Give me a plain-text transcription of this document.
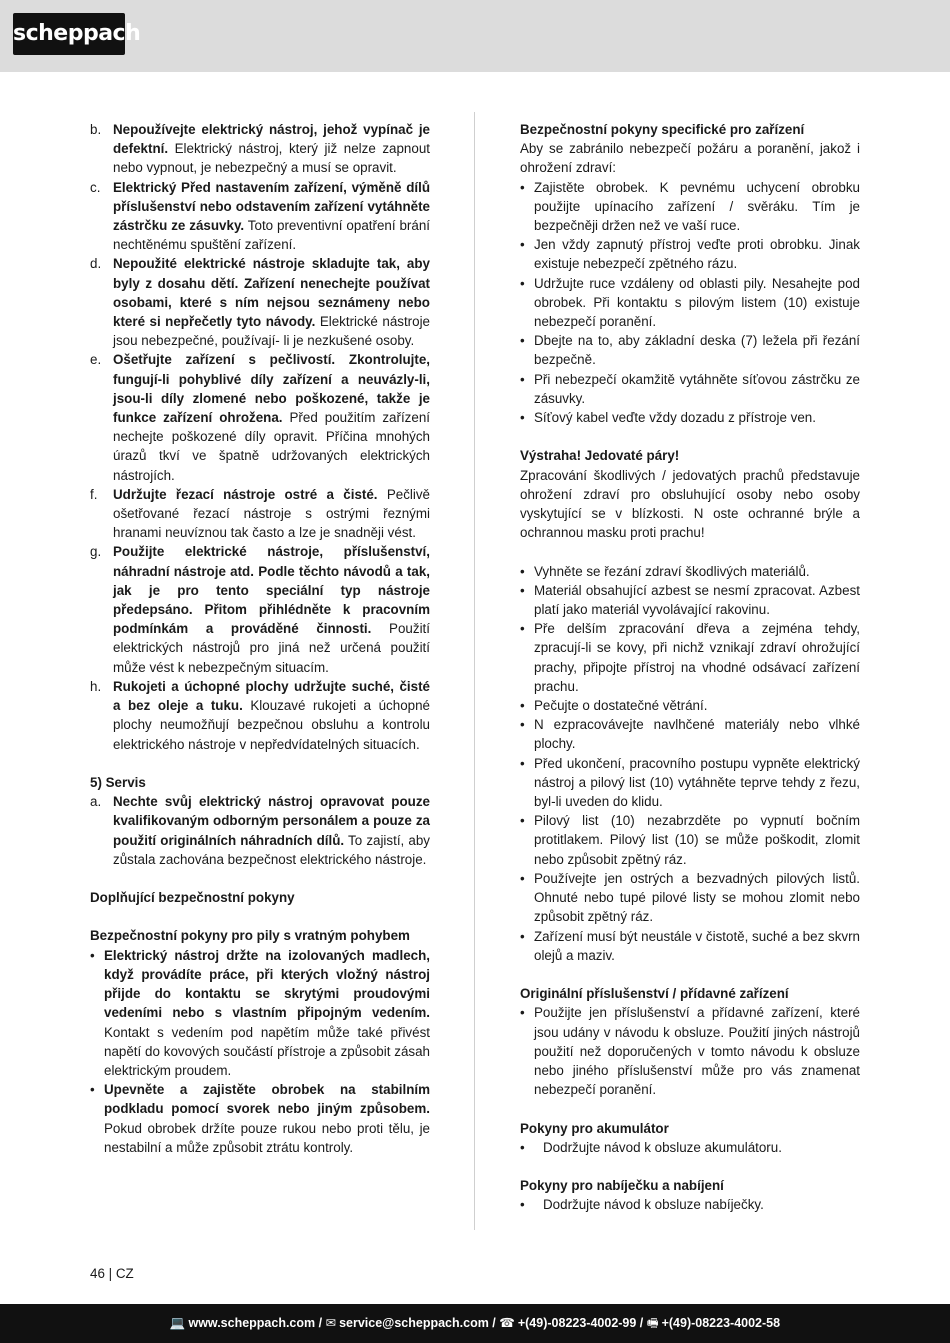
scheppach
b. Nepoužívejte elektrický nástroj, jehož vypínač je defektní. Elektrický nástroj, který již nelze zapnout nebo vypnout, je nebezpečný a musí se opravit.
c. Elektrický Před nastavením zařízení, výměně dílů příslušenství nebo odstavením zařízení vytáhněte zástrčku ze zásuvky. Toto preventivní opatření brání nechtěnému spuštění zařízení.
d. Nepoužité elektrické nástroje skladujte tak, aby byly z dosahu dětí. Zařízení nenechejte používat osobami, které s ním nejsou seznámeny nebo které si nepřečetly tyto návody. Elektrické nástroje jsou nebezpečné, používají- li je nezkušené osoby.
e. Ošetřujte zařízení s pečlivostí. Zkontrolujte, fungují-li pohyblivé díly zařízení a neuvázly-li, jsou-li díly zlomené nebo poškozené, takže je funkce zařízení ohrožena. Před použitím zařízení nechejte poškozené díly opravit. Příčina mnohých úrazů tkví ve špatně udržovaných elektrických nástrojích.
f.	Udržujte řezací nástroje ostré a čisté. Pečlivě ošetřované řezací nástroje s ostrými řeznými hranami neuvíznou tak často a lze je snadněji vést.
g. Použijte elektrické nástroje, příslušenství, náhradní nástroje atd. Podle těchto návodů a tak, jak je pro tento speciální typ nástroje předepsáno. Přitom přihlédněte k pracovním podmínkám a prováděné činnosti. Použití elektrických nástrojů pro jiná než určená použití může vést k nebezpečným situacím.
h. Rukojeti a úchopné plochy udržujte suché, čisté a bez oleje a tuku. Klouzavé rukojeti a úchopné plochy neumožňují bezpečnou obsluhu a kontrolu elektrického nástroje v nepředvídatelných situacích.

5) Servis

a. Nechte svůj elektrický nástroj opravovat pouze kvalifikovaným odborným personálem a pouze za použití originálních náhradních dílů. To zajistí, aby zůstala zachována bezpečnost elektrického nástroje.

Doplňující bezpečnostní pokyny

Bezpečnostní pokyny pro pily s vratným pohybem

• Elektrický nástroj držte na izolovaných madlech, když provádíte práce, při kterých vložný nástroj přijde do kontaktu se skrytými proudovými vedeními nebo s vlastním připojným vedením. Kontakt s vedením pod napětím může také přivést napětí do kovových součástí přístroje a způsobit zásah elektrickým proudem.
• Upevněte a zajistěte obrobek na stabilním podkladu pomocí svorek nebo jiným způsobem. Pokud obrobek držíte pouze rukou nebo proti tělu, je nestabilní a může způsobit ztrátu kontroly.

Bezpečnostní pokyny specifické pro zařízení

Aby se zabránilo nebezpečí požáru a poranění, jakož i ohrožení zdraví:

• Zajistěte obrobek. K pevnému uchycení obrobku použijte upínacího zařízení / svěráku. Tím je bezpečněji držen než ve vaší ruce.
• Jen vždy zapnutý přístroj veďte proti obrobku. Jinak existuje nebezpečí zpětného rázu.
• Udržujte ruce vzdáleny od oblasti pily. Nesahejte pod obrobek. Při kontaktu s pilovým listem (10) existuje nebezpečí poranění.
• Dbejte na to, aby základní deska (7) ležela při řezání bezpečně.
• Při nebezpečí okamžitě vytáhněte síťovou zástrčku ze zásuvky.
• Síťový kabel veďte vždy dozadu z přístroje ven.

Výstraha! Jedovaté páry!

Zpracování škodlivých / jedovatých prachů představuje ohrožení zdraví pro obsluhující osoby nebo osoby vyskytující se v blízkosti. N oste ochranné brýle a ochrannou masku proti prachu!

• Vyhněte se řezání zdraví škodlivých materiálů.
• Materiál obsahující azbest se nesmí zpracovat. Azbest platí jako materiál vyvolávající rakovinu.
• Pře delším zpracování dřeva a zejména tehdy, zpracují-li se kovy, při nichž vznikají zdraví ohrožující prachy, připojte přístroj na vhodné odsávací zařízení prachu.
• Pečujte o dostatečné větrání.
• N ezpracovávejte navlhčené materiály nebo vlhké plochy.
• Před ukončení, pracovního postupu vypněte elektrický nástroj a pilový list (10) vytáhněte teprve tehdy z řezu, byl-li uveden do klidu.
• Pilový list (10) nezabrzděte po vypnutí bočním protitlakem. Pilový list (10) se může poškodit, zlomit nebo způsobit zpětný ráz.
• Používejte jen ostrých a bezvadných pilových listů. Ohnuté nebo tupé pilové listy se mohou zlomit nebo způsobit zpětný ráz.
• Zařízení musí být neustále v čistotě, suché a bez skvrn olejů a maziv.

Originální příslušenství / přídavné zařízení

• Použijte jen příslušenství a přídavné zařízení, které jsou udány v návodu k obsluze. Použití jiných nástrojů použití než doporučených v tomto návodu k obsluze nebo jiného příslušenství může pro vás znamenat nebezpečí poranění.

Pokyny pro akumulátor

•	Dodržujte návod k obsluze akumulátoru.

Pokyny pro nabíječku a nabíjení

•	Dodržujte návod k obsluze nabíječky.
46 | CZ
💻 www.scheppach.com / ✉ service@scheppach.com / ☎ +(49)-08223-4002-99 / 🖷 +(49)-08223-4002-58
